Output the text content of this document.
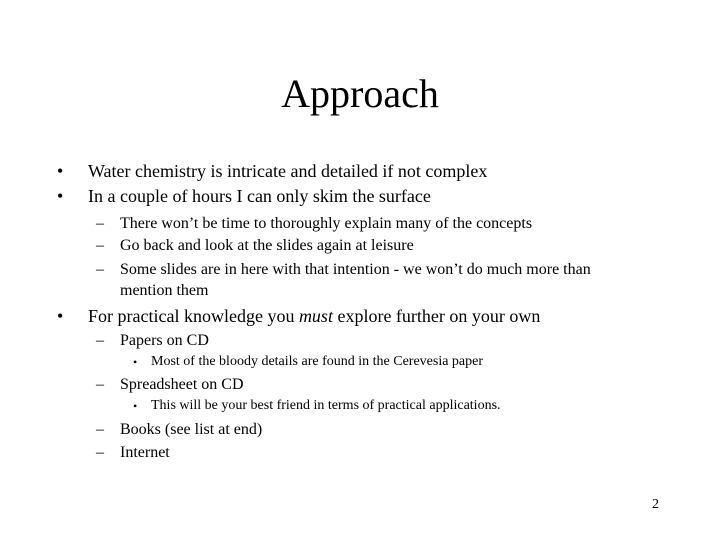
Approach
• Water chemistry is intricate and detailed if not complex
• In a couple of hours I can only skim the surface
– There won’t be time to thoroughly explain many of the concepts
– Go back and look at the slides again at leisure
– Some slides are in here with that intention - we won’t do much more than
mention them
• For practical knowledge you must explore further on your own
– Papers on CD
• Most of the bloody details are found in the Cerevesia paper
– Spreadsheet on CD
• This will be your best friend in terms of practical applications.
– Books (see list at end)
– Internet
2
